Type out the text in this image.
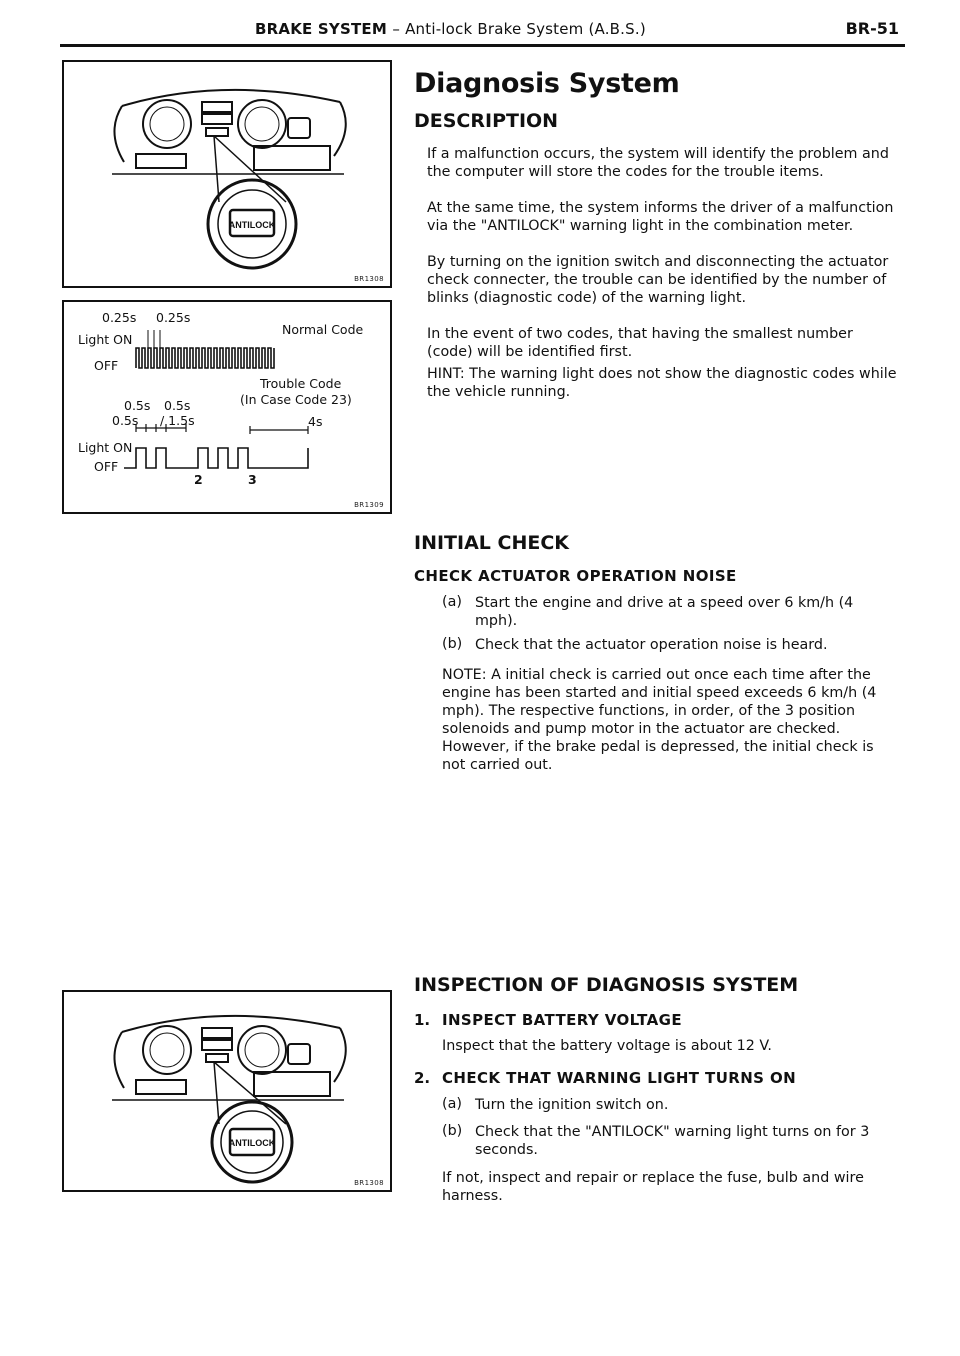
BRAKE SYSTEM – Anti-lock Brake System (A.B.S.)	BR-51
ANTILOCK
BR1308
0.25s 0.25s
Normal Code
Light ON
OFF
Trouble Code
(In Case Code 23)
0.5s 0.5s
0.5s / 1.5s	4s
Light ON
OFF
2	3
BR1309
ANTILOCK
BR1308
Diagnosis System
DESCRIPTION

If a malfunction occurs, the system will identify the problem and the computer will store the codes for the trouble items.

At the same time, the system informs the driver of a malfunction via the "ANTILOCK" warning light in the combination meter.

By turning on the ignition switch and disconnecting the actuator check connecter, the trouble can be identified by the number of blinks (diagnostic code) of the warning light.

In the event of two codes, that having the smallest number (code) will be identified first.

HINT: The warning light does not show the diagnostic codes while the vehicle running.

INITIAL CHECK
CHECK ACTUATOR OPERATION NOISE
(a) Start the engine and drive at a speed over 6 km/h (4 mph).

(b) Check that the actuator operation noise is heard.

NOTE: A initial check is carried out once each time after the engine has been started and initial speed exceeds 6 km/h (4 mph). The respective functions, in order, of the 3 position solenoids and pump motor in the actuator are checked. However, if the brake pedal is depressed, the initial check is not carried out.

INSPECTION OF DIAGNOSIS SYSTEM
1. INSPECT BATTERY VOLTAGE

Inspect that the battery voltage is about 12 V.

2. CHECK THAT WARNING LIGHT TURNS ON
(a) Turn the ignition switch on.

(b) Check that the "ANTILOCK" warning light turns on for 3 seconds.

If not, inspect and repair or replace the fuse, bulb and wire harness.
